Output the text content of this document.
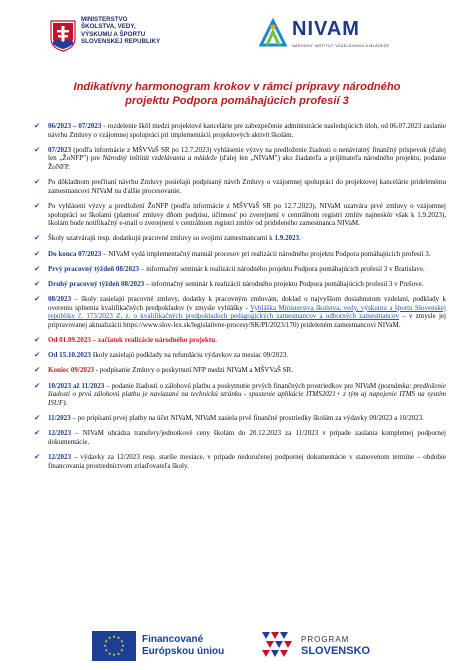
MINISTERSTVO
ŠKOLSTVA, VEDY,
VÝSKUMU A ŠPORTU
SLOVENSKEJ REPUBLIKY
NIVAM
NÁRODNÝ INŠTITÚT VZDELÁVANIA A MLÁDEŽE
Indikatívny harmonogram krokov v rámci prípravy národného
projektu Podpora pomáhajúcich profesií 3
✔	06/2023 – 07/2023 - rozdelenie škôl medzi projektové kancelárie pre zabezpečenie administrácie nasledujúcich úloh, od 06.07.2023 zaslanie návrhu Zmluvy o vzájomnej spolupráci pri implementácii projektových aktivít školám.
✔	07/2023 (podľa informácie z MŠVVaŠ SR po 12.7.2023) vyhlásenie výzvy na predloženie žiadosti o nenávratný finančný príspevok (ďalej len „ŽoNFP") pre Národný inštitút vzdelávania a mládeže (ďalej len „NIVaM") ako žiadateľa a prijímateľa národného projektu, podanie ŽoNFP.
✔	Po dôkladnom prečítaní návrhu Zmluvy posielajú podpísaný návrh Zmluvy o vzájomnej spolupráci do projektovej kancelárie pridelenému zamestnancovi NIVaM na ďalšie procesovanie.
✔	Po vyhlásení výzvy a predložení ŽoNFP (podľa informácie z MŠVVaŠ SR po 12.7.2023), NIVaM uzatvára prvé zmluvy o vzájomnej spolupráci so školami (platnosť zmluvy dňom podpisu, účinnosť po zverejnení v centrálnom registri zmlúv najneskôr však k 1.9.2023), školám bude notifikačný e-mail o zverejnení v centrálnom registri zmlúv od prideleného zamestnanca NIVaM.
✔	Školy uzatvárajú resp. dodatkujú pracovné zmluvy so svojimi zamestnancami k 1.9.2023.
✔	Do konca 07/2023 – NIVaM vydá implementačný manuál procesov pri realizácii národného projektu Podpora pomáhajúcich profesií 3.
✔	Prvý pracovný týždeň 08/2023 – informačný seminár k realizácii národného projektu Podpora pomáhajúcich profesií 3 v Bratislave.
✔	Druhý pracovný týždeň 08/2023 – informačný seminár k realizácii národného projektu Podpora pomáhajúcich profesií 3 v Prešove.
✔	08/2023 – školy zasielajú pracovné zmluvy, dodatky k pracovným zmluvám, doklad o najvyššom dosiahnutom vzdelaní, podklady k overeniu splnenia kvalifikačných predpokladov (v zmysle vyhlášky - Vyhláška Ministerstva školstva, vedy, výskumu a športu Slovenskej republiky č. 173/2023 Z. z. o kvalifikačných predpokladoch pedagogických zamestnancov a odborných zamestnancov – v zmysle jej pripravovanej aktualizácii https://www.slov-lex.sk/legislativne-procesy/SK/PI/2023/170) prideleném zamestnancovi NIVaM.
✔	Od 01.09.2023 – začiatok realizácie národného projektu.
✔	Od 15.10.2023 školy zasielajú podklady na refundáciu výdavkov za mesiac 09/2023.
✔	Koniec 09/2023 - podpísanie Zmluvy o poskytnutí NFP medzi NIVaM a MŠVVaŠ SR.
✔	10/2023 až 11/2023 – podanie žiadosti o zálohovú platbu a poskytnutie prvých finančných prostriedkov pre NIVaM (poznámka: predloženie žiadosti o prvú zálohovú platbu je naviazané na technickú stránku - spustenie aplikácie ITMS2021+ z tým aj napojenie ITMS na systém ISUF).
✔	11/2023 – po pripísaní prvej platby na účet NIVaM, NIVaM zasiela prvé finančné prostriedky školám za výdavky 09/2023 a 10/2023.
✔	12/2023 – NIVaM uhrádza transfery/jednotkové ceny školám do 20.12.2023 za 11/2023 v prípade zaslania kompletnej podpornej dokumentácie.
✔	12/2023 – výdavky za 12/2023 resp. staršie mesiace, v prípade nedoručenej podpornej dokumentácie v stanovenom termíne – obdobie financovania prostredníctvom zriaďovateľa školy.
★ ★
★
★
★
★
★
★
★
★
★
★	Financované
Európskou úniou
PROGRAM
SLOVENSKO
